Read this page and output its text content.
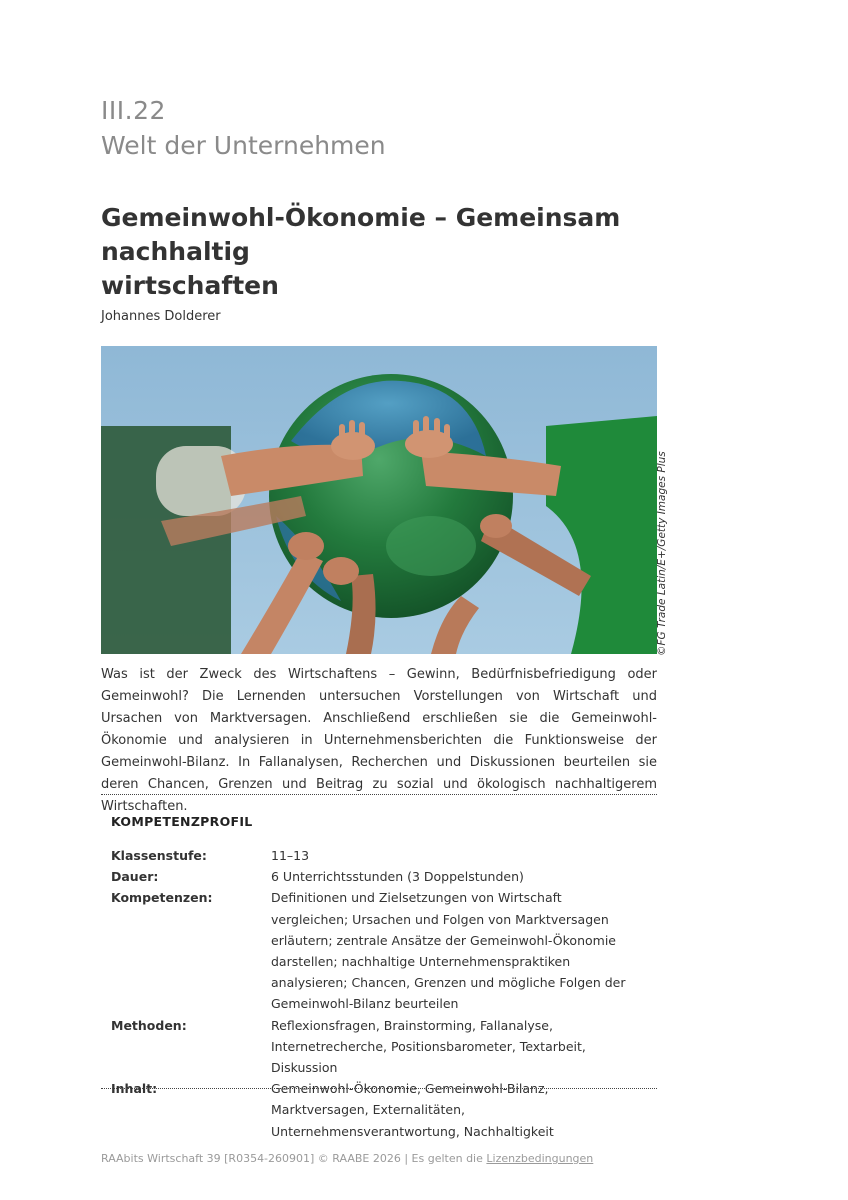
III.22
Welt der Unternehmen
Gemeinwohl-Ökonomie – Gemeinsam nachhaltig
wirtschaften
Johannes Dolderer
©FG Trade Latin/E+/Getty Images Plus

Was ist der Zweck des Wirtschaftens – Gewinn, Bedürfnisbefriedigung oder Gemeinwohl? Die Lernenden untersuchen Vorstellungen von Wirtschaft und Ursachen von Marktversagen. Anschließend erschließen sie die Gemeinwohl-Ökonomie und analysieren in Unternehmensberichten die Funktionsweise der Gemeinwohl-Bilanz. In Fallanalysen, Recherchen und Diskussionen beurteilen sie deren Chancen, Grenzen und Beitrag zu sozial und ökologisch nachhaltigerem Wirtschaften.

KOMPETENZPROFIL
Klassenstufe:	11–13
Dauer:	6 Unterrichtsstunden (3 Doppelstunden)
Kompetenzen:	Definitionen und Zielsetzungen von Wirtschaft vergleichen; Ursachen und Folgen von Marktversagen erläutern; zentrale Ansätze der Gemeinwohl-Ökonomie darstellen; nachhaltige Unternehmenspraktiken analysieren; Chancen, Grenzen und mögliche Folgen der Gemeinwohl-Bilanz beurteilen
Methoden:	Reflexionsfragen, Brainstorming, Fallanalyse, Internetrecherche, Positionsbarometer, Textarbeit, Diskussion
Inhalt:	Gemeinwohl-Ökonomie, Gemeinwohl-Bilanz, Marktversagen, Externalitäten, Unternehmensverantwortung, Nachhaltigkeit
RAAbits Wirtschaft 39 [R0354-260901] © RAABE 2026 | Es gelten die Lizenzbedingungen
